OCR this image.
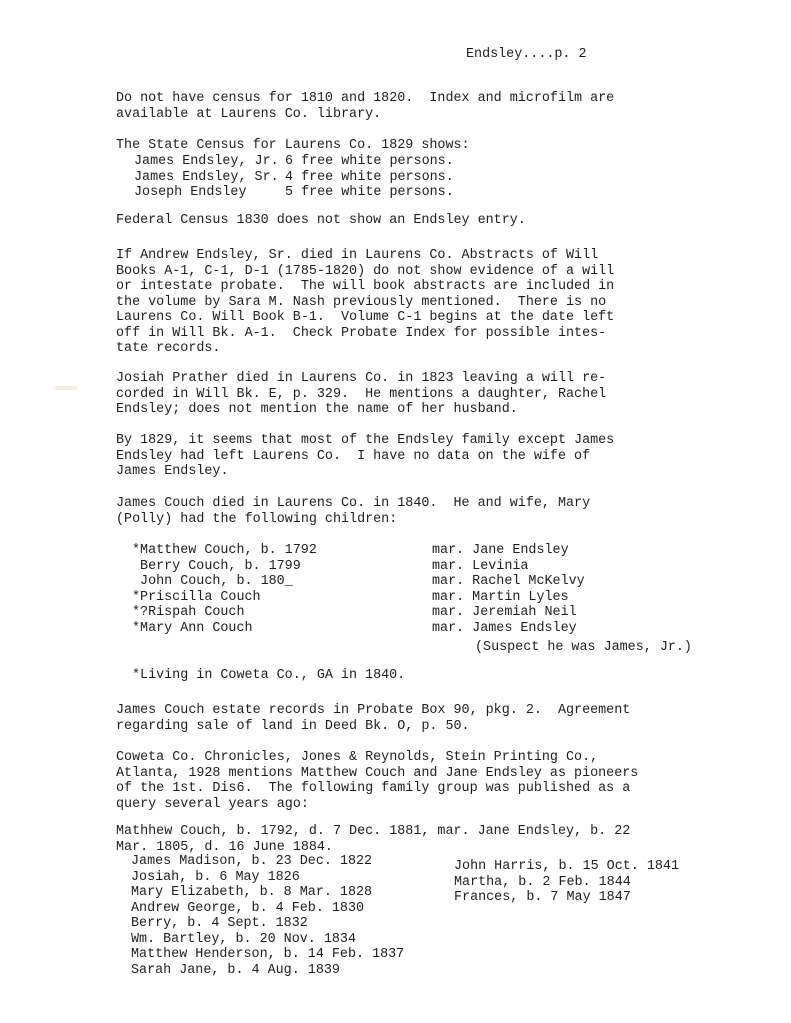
Endsley....p. 2
Do not have census for 1810 and 1820.  Index and microfilm are
available at Laurens Co. library.
The State Census for Laurens Co. 1829 shows:
James Endsley, Jr. 6 free white persons.
James Endsley, Sr. 4 free white persons.
Joseph Endsley	5 free white persons.
Federal Census 1830 does not show an Endsley entry.
If Andrew Endsley, Sr. died in Laurens Co. Abstracts of Will
Books A-1, C-1, D-1 (1785-1820) do not show evidence of a will
or intestate probate.  The will book abstracts are included in
the volume by Sara M. Nash previously mentioned.  There is no
Laurens Co. Will Book B-1.  Volume C-1 begins at the date left
off in Will Bk. A-1.  Check Probate Index for possible intes-
tate records.
Josiah Prather died in Laurens Co. in 1823 leaving a will re-
corded in Will Bk. E, p. 329.  He mentions a daughter, Rachel
Endsley; does not mention the name of her husband.
By 1829, it seems that most of the Endsley family except James
Endsley had left Laurens Co.  I have no data on the wife of
James Endsley.
James Couch died in Laurens Co. in 1840.  He and wife, Mary
(Polly) had the following children:
*Matthew Couch, b. 1792	mar. Jane Endsley
Berry Couch, b. 1799	mar. Levinia
John Couch, b. 180_	mar. Rachel McKelvy
*Priscilla Couch	mar. Martin Lyles
*?Rispah Couch	mar. Jeremiah Neil
*Mary Ann Couch	mar. James Endsley
(Suspect he was James, Jr.)
*Living in Coweta Co., GA in 1840.
James Couch estate records in Probate Box 90, pkg. 2.  Agreement
regarding sale of land in Deed Bk. O, p. 50.
Coweta Co. Chronicles, Jones & Reynolds, Stein Printing Co.,
Atlanta, 1928 mentions Matthew Couch and Jane Endsley as pioneers
of the 1st. Dis6.  The following family group was published as a
query several years ago:
Mathhew Couch, b. 1792, d. 7 Dec. 1881, mar. Jane Endsley, b. 22
Mar. 1805, d. 16 June 1884.
James Madison, b. 23 Dec. 1822
Josiah, b. 6 May 1826
Mary Elizabeth, b. 8 Mar. 1828
Andrew George, b. 4 Feb. 1830
Berry, b. 4 Sept. 1832
Wm. Bartley, b. 20 Nov. 1834
Matthew Henderson, b. 14 Feb. 1837
Sarah Jane, b. 4 Aug. 1839
John Harris, b. 15 Oct. 1841
Martha, b. 2 Feb. 1844
Frances, b. 7 May 1847
